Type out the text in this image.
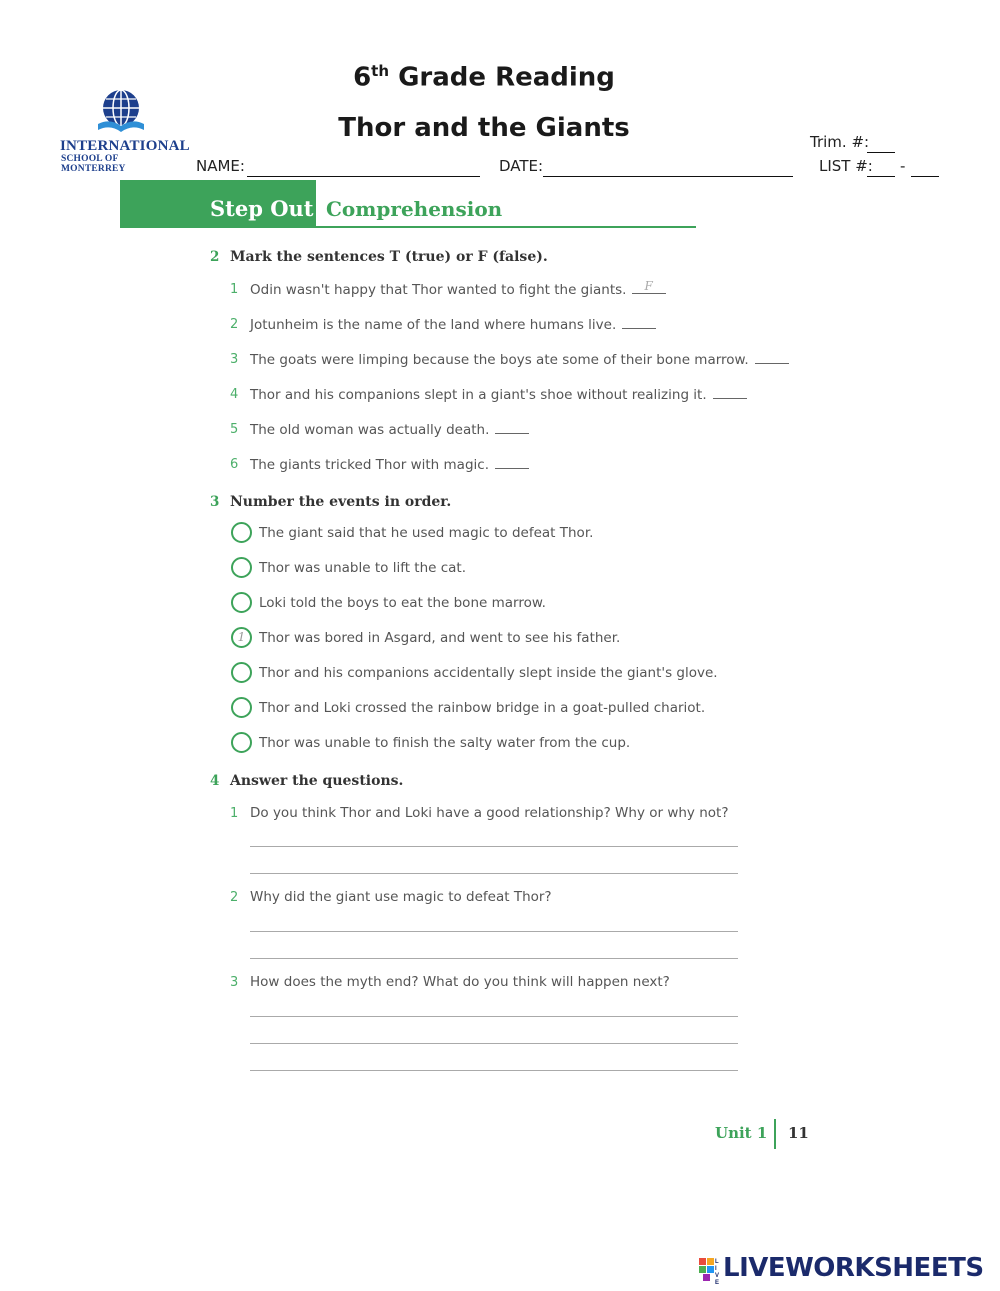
INTERNATIONAL
SCHOOL OF MONTERREY
6th Grade Reading
Thor and the Giants	Trim. #:
NAME:	DATE:	LIST #: -
Step Out Comprehension
2 Mark the sentences T (true) or F (false).
1 Odin wasn't happy that Thor wanted to fight the giants. F
2 Jotunheim is the name of the land where humans live.
3 The goats were limping because the boys ate some of their bone marrow.
4 Thor and his companions slept in a giant's shoe without realizing it.
5 The old woman was actually death.
6 The giants tricked Thor with magic.
3 Number the events in order.
The giant said that he used magic to defeat Thor.
Thor was unable to lift the cat.
Loki told the boys to eat the bone marrow.
1	Thor was bored in Asgard, and went to see his father.
Thor and his companions accidentally slept inside the giant's glove.
Thor and Loki crossed the rainbow bridge in a goat-pulled chariot.
Thor was unable to finish the salty water from the cup.
4 Answer the questions.
1 Do you think Thor and Loki have a good relationship? Why or why not?
2 Why did the giant use magic to defeat Thor?
3 How does the myth end? What do you think will happen next?
Unit 1 11
L
I
V
E LIVEWORKSHEETS
